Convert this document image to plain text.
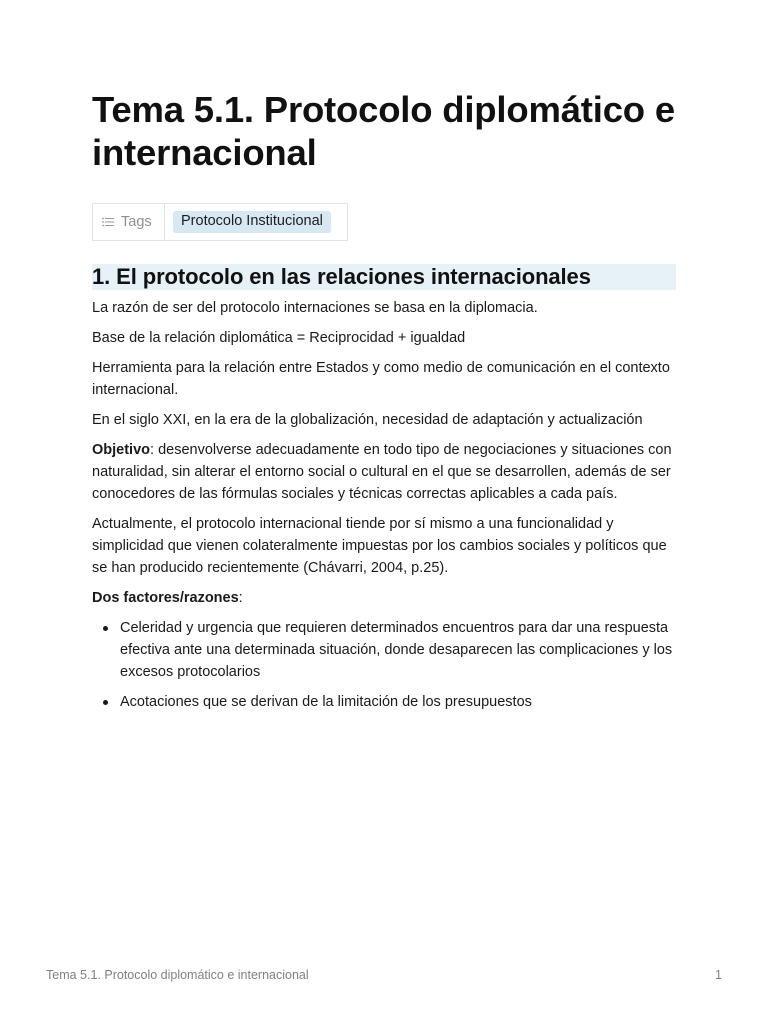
Tema 5.1. Protocolo diplomático e internacional
Tags	Protocolo Institucional
1. El protocolo en las relaciones internacionales

La razón de ser del protocolo internaciones se basa en la diplomacia.

Base de la relación diplomática = Reciprocidad + igualdad

Herramienta para la relación entre Estados y como medio de comunicación en el contexto internacional.

En el siglo XXI, en la era de la globalización, necesidad de adaptación y actualización

Objetivo: desenvolverse adecuadamente en todo tipo de negociaciones y situaciones con naturalidad, sin alterar el entorno social o cultural en el que se desarrollen, además de ser conocedores de las fórmulas sociales y técnicas correctas aplicables a cada país.

Actualmente, el protocolo internacional tiende por sí mismo a una funcionalidad y simplicidad que vienen colateralmente impuestas por los cambios sociales y políticos que se han producido recientemente (Chávarri, 2004, p.25).

Dos factores/razones:

Celeridad y urgencia que requieren determinados encuentros para dar una respuesta efectiva ante una determinada situación, donde desaparecen las complicaciones y los excesos protocolarios
Acotaciones que se derivan de la limitación de los presupuestos
Tema 5.1. Protocolo diplomático e internacional	1
